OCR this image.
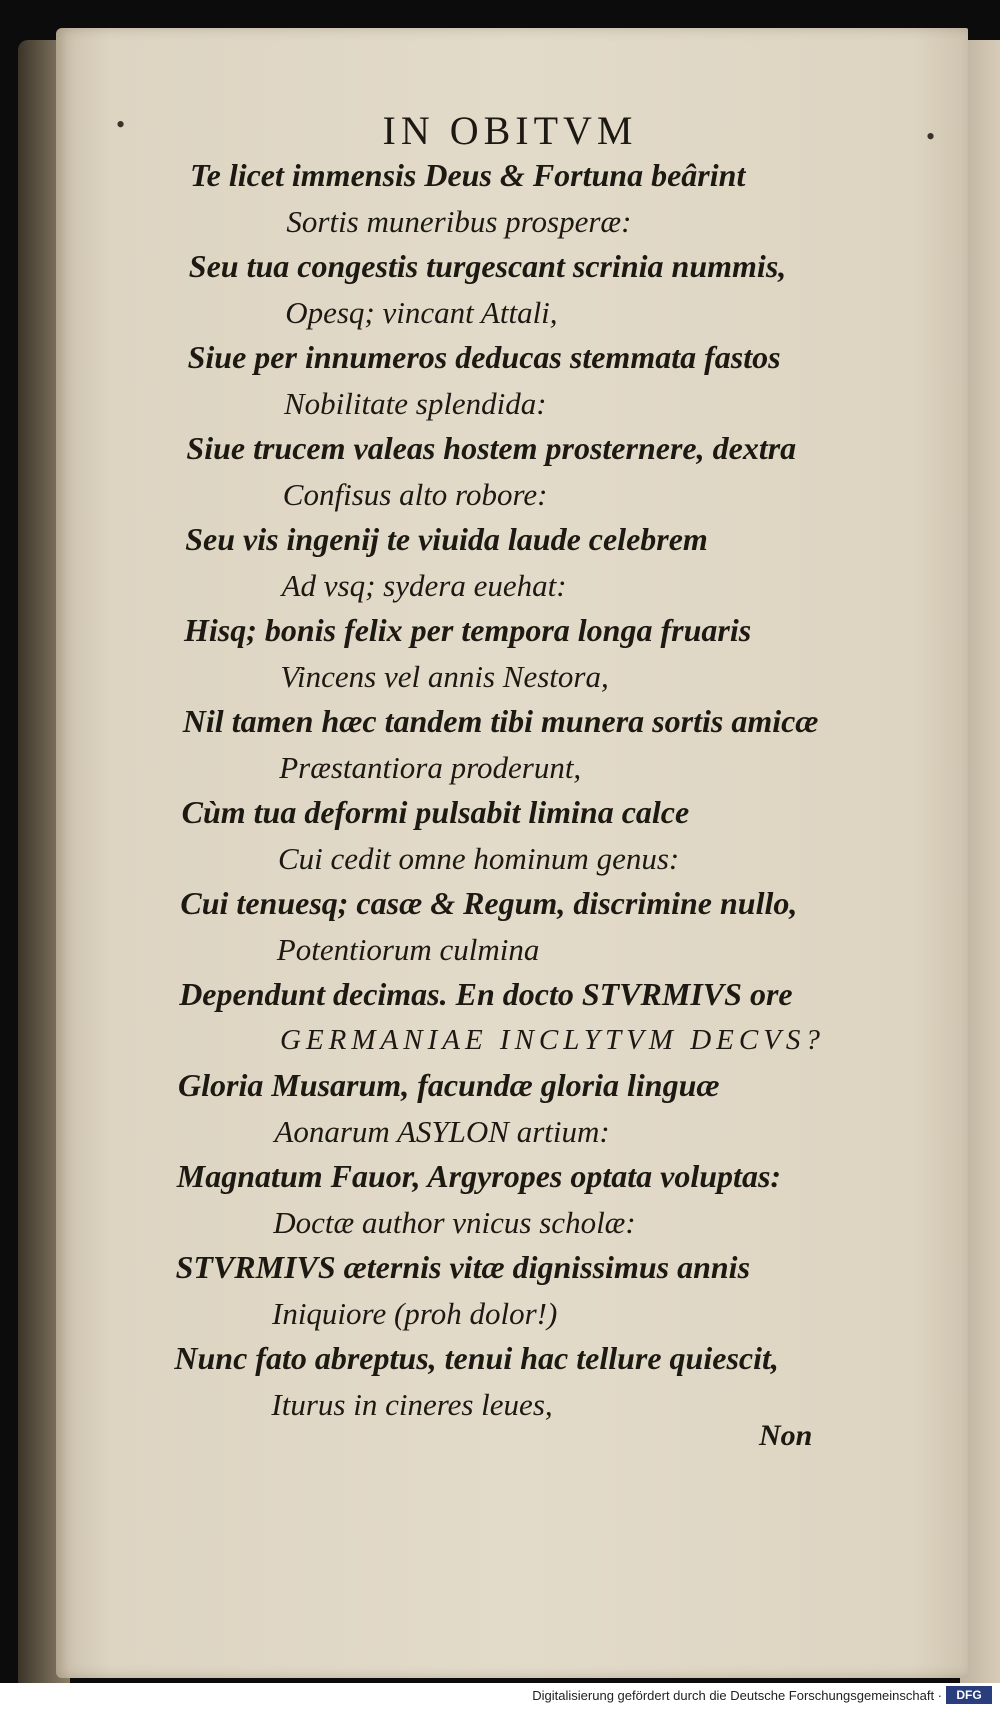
•	•
IN OBITVM
Te licet immensis Deus & Fortuna beârint
Sortis muneribus prosperæ:
Seu tua congestis turgescant scrinia nummis,
Opesq; vincant Attali,
Siue per innumeros deducas stemmata fastos
Nobilitate splendida:
Siue trucem valeas hostem prosternere, dextra
Confisus alto robore:
Seu vis ingenij te viuida laude celebrem
Ad vsq; sydera euehat:
Hisq; bonis felix per tempora longa fruaris
Vincens vel annis Nestora,
Nil tamen hæc tandem tibi munera sortis amicæ
Præstantiora proderunt,
Cùm tua deformi pulsabit limina calce
Cui cedit omne hominum genus:
Cui tenuesq; casæ & Regum, discrimine nullo,
Potentiorum culmina
Dependunt decimas. En docto STVRMIVS ore
GERMANIAE INCLYTVM DECVS?
Gloria Musarum, facundæ gloria linguæ
Aonarum ASYLON artium:
Magnatum Fauor, Argyropes optata voluptas:
Doctæ author vnicus scholæ:
STVRMIVS æternis vitæ dignissimus annis
Iniquiore (proh dolor!)
Nunc fato abreptus, tenui hac tellure quiescit,
Iturus in cineres leues,
Non
Digitalisierung gefördert durch die Deutsche Forschungsgemeinschaft ·	DFG
